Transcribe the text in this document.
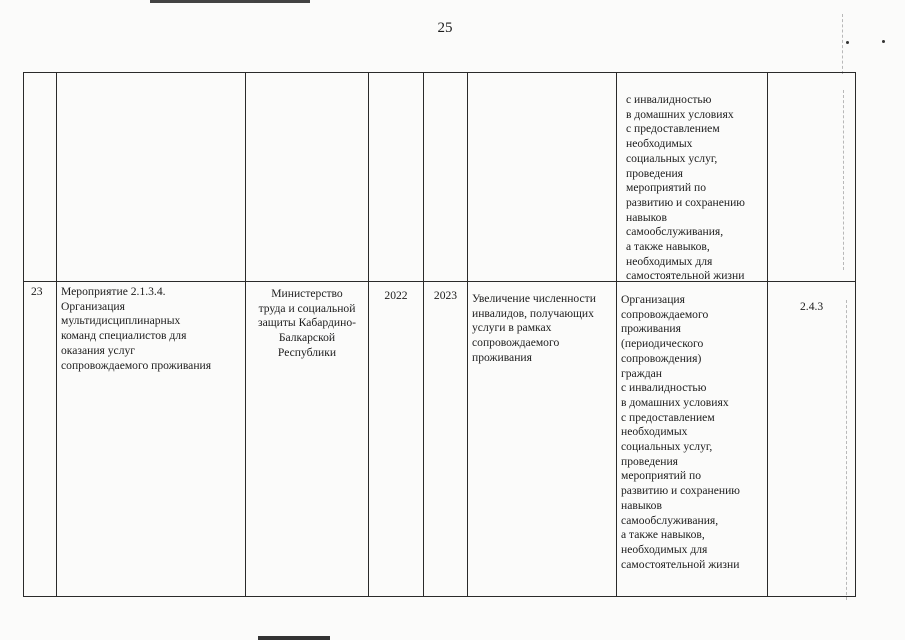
25
с инвалидностью
в домашних условиях
с предоставлением
необходимых
социальных услуг,
проведения
мероприятий по
развитию и сохранению
навыков
самообслуживания,
а также навыков,
необходимых для
самостоятельной жизни
23 Мероприятие 2.1.3.4.
Организация
мультидисциплинарных
команд специалистов для
оказания услуг
сопровождаемого проживания
Министерство
труда и социальной
защиты Кабардино-
Балкарской
Республики
2022	2023	Увеличение численности
инвалидов, получающих
услуги в рамках
сопровождаемого
проживания
Организация
сопровождаемого
проживания
(периодического
сопровождения)
граждан
с инвалидностью
в домашних условиях
с предоставлением
необходимых
социальных услуг,
проведения
мероприятий по
развитию и сохранению
навыков
самообслуживания,
а также навыков,
необходимых для
самостоятельной жизни
2.4.3
